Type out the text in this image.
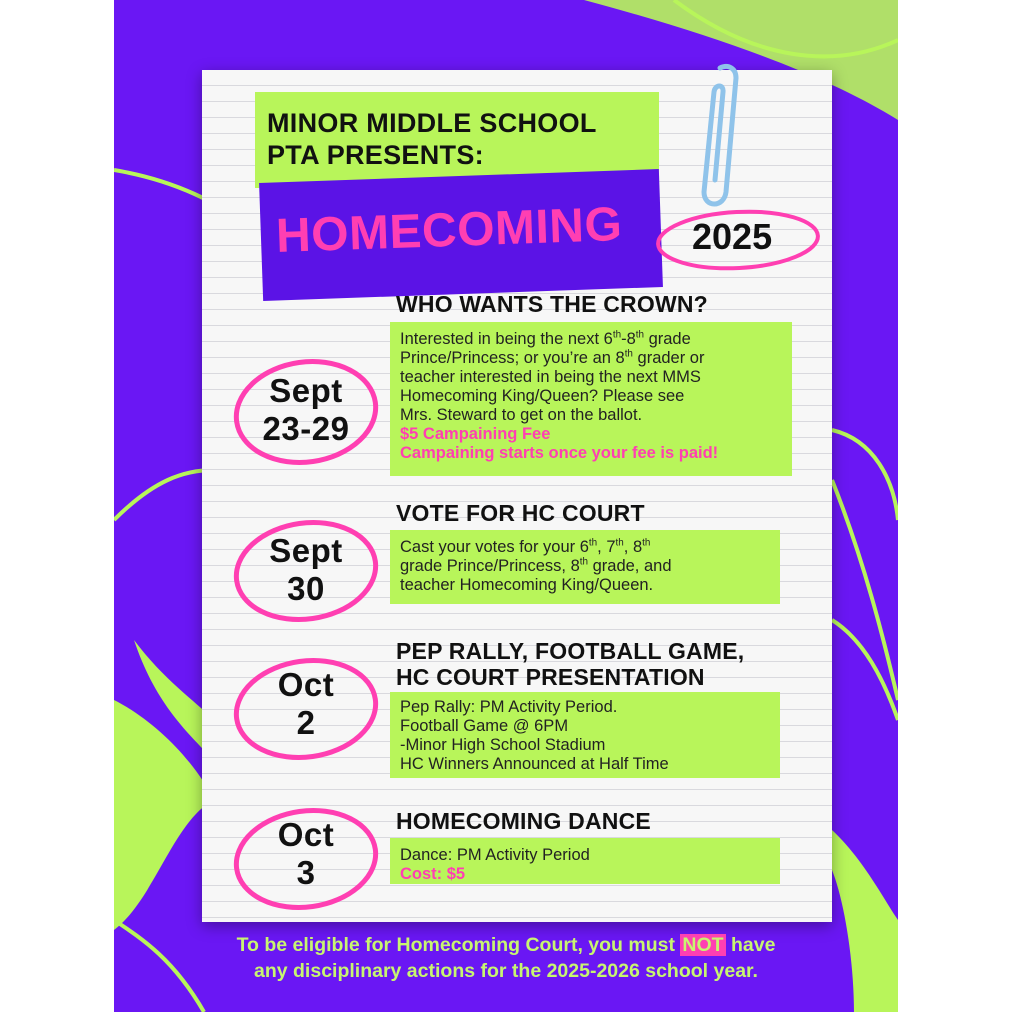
MINOR MIDDLE SCHOOL
PTA PRESENTS:
HOMECOMING 2025
Sept
23-29
WHO WANTS THE CROWN?
Interested in being the next 6th-8th grade
Prince/Princess; or you’re an 8th grader or
teacher interested in being the next MMS
Homecoming King/Queen? Please see
Mrs. Steward to get on the ballot.
$5 Campaining Fee
Campaining starts once your fee is paid!
Sept
30
VOTE FOR HC COURT
Cast your votes for your 6th, 7th, 8th
grade Prince/Princess, 8th grade, and
teacher Homecoming King/Queen.
Oct
2
PEP RALLY, FOOTBALL GAME,
HC COURT PRESENTATION
Pep Rally: PM Activity Period.
Football Game @ 6PM
-Minor High School Stadium
HC Winners Announced at Half Time
Oct
3
HOMECOMING DANCE
Dance: PM Activity Period
Cost: $5
To be eligible for Homecoming Court, you must NOT have
any disciplinary actions for the 2025-2026 school year.
